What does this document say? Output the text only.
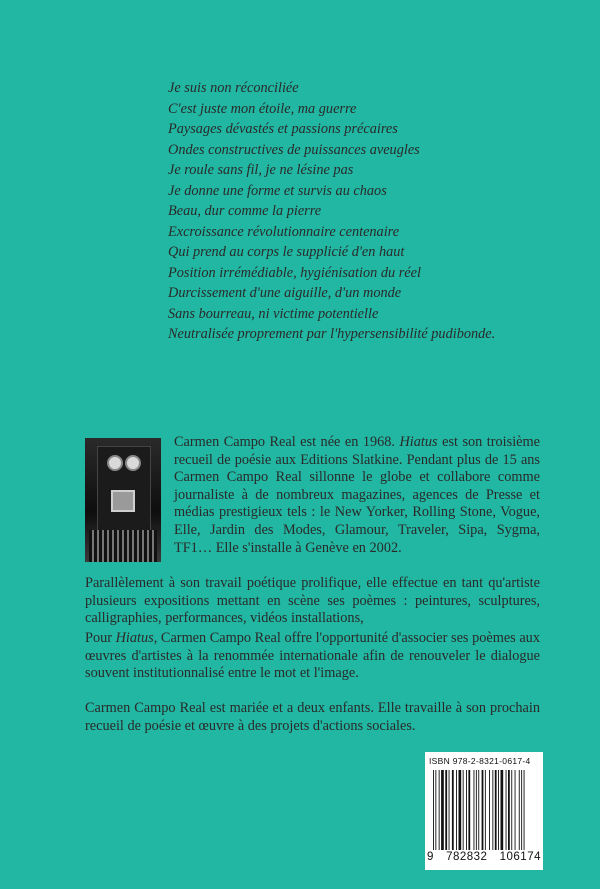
Je suis non réconciliée
C'est juste mon étoile, ma guerre
Paysages dévastés et passions précaires
Ondes constructives de puissances aveugles
Je roule sans fil, je ne lésine pas
Je donne une forme et survis au chaos
Beau, dur comme la pierre
Excroissance révolutionnaire centenaire
Qui prend au corps le supplicié d'en haut
Position irrémédiable, hygiénisation du réel
Durcissement d'une aiguille, d'un monde
Sans bourreau, ni victime potentielle
Neutralisée proprement par l'hypersensibilité pudibonde.

Carmen Campo Real est née en 1968. Hiatus est son troisième recueil de poésie aux Editions Slatkine. Pendant plus de 15 ans Carmen Campo Real sillonne le globe et collabore comme journaliste à de nombreux magazines, agences de Presse et médias prestigieux tels : le New Yorker, Rolling Stone, Vogue, Elle, Jardin des Modes, Glamour, Traveler, Sipa, Sygma, TF1… Elle s'installe à Genève en 2002.

Parallèlement à son travail poétique prolifique, elle effectue en tant qu'artiste plusieurs expositions mettant en scène ses poèmes : peintures, sculptures, calligraphies, performances, vidéos installations,

Pour Hiatus, Carmen Campo Real offre l'opportunité d'associer ses poèmes aux œuvres d'artistes à la renommée internationale afin de renouveler le dialogue souvent institutionnalisé entre le mot et l'image.

Carmen Campo Real est mariée et a deux enfants. Elle travaille à son prochain recueil de poésie et œuvre à des projets d'actions sociales.

ISBN 978-2-8321-0617-4
9 782832 106174
